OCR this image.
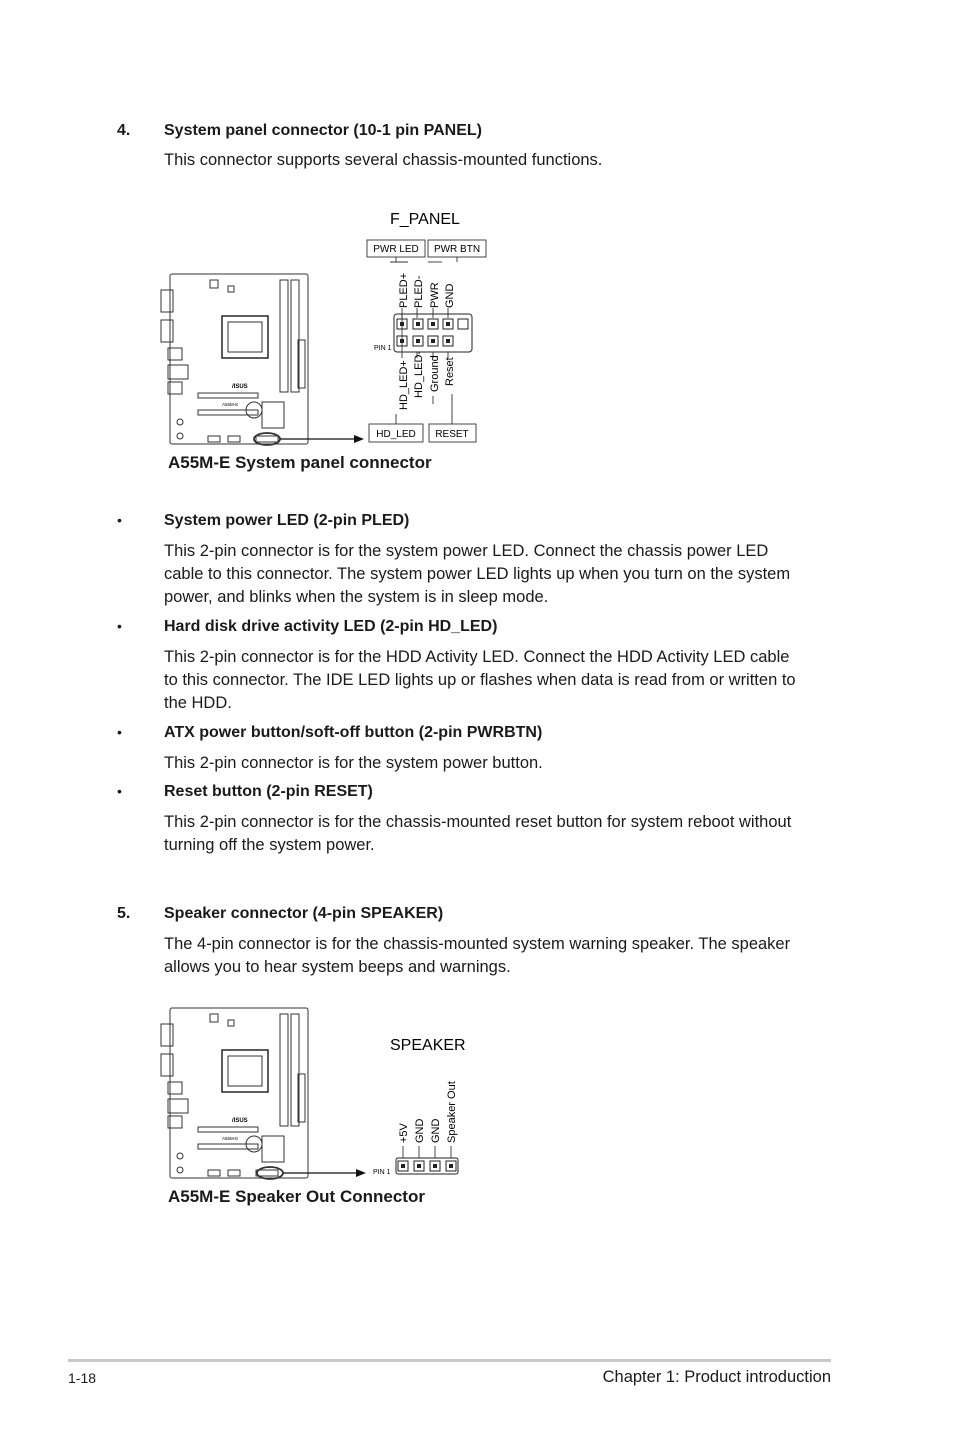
4. System panel connector (10-1 pin PANEL)
This connector supports several chassis-mounted functions.
/ISUS
A55M-E
F_PANEL
PWR LED PWR BTN
PLED+ PLED- PWR GND
PIN 1
HD_LED+ HD_LED- Ground Reset
HD_LED RESET
A55M-E System panel connector
•	System power LED (2-pin PLED)
This 2-pin connector is for the system power LED. Connect the chassis power LED
cable to this connector. The system power LED lights up when you turn on the system
power, and blinks when the system is in sleep mode.
•	Hard disk drive activity LED (2-pin HD_LED)
This 2-pin connector is for the HDD Activity LED. Connect the HDD Activity LED cable
to this connector. The IDE LED lights up or flashes when data is read from or written to
the HDD.
•	ATX power button/soft-off button (2-pin PWRBTN)
This 2-pin connector is for the system power button.
•	Reset button (2-pin RESET)
This 2-pin connector is for the chassis-mounted reset button for system reboot without
turning off the system power.
5. Speaker connector (4-pin SPEAKER)
The 4-pin connector is for the chassis-mounted system warning speaker. The speaker
allows you to hear system beeps and warnings.
/ISUS
A55M-E
SPEAKER
+5V GND GND Speaker Out
PIN 1
A55M-E Speaker Out Connector
1-18	Chapter 1: Product introduction
